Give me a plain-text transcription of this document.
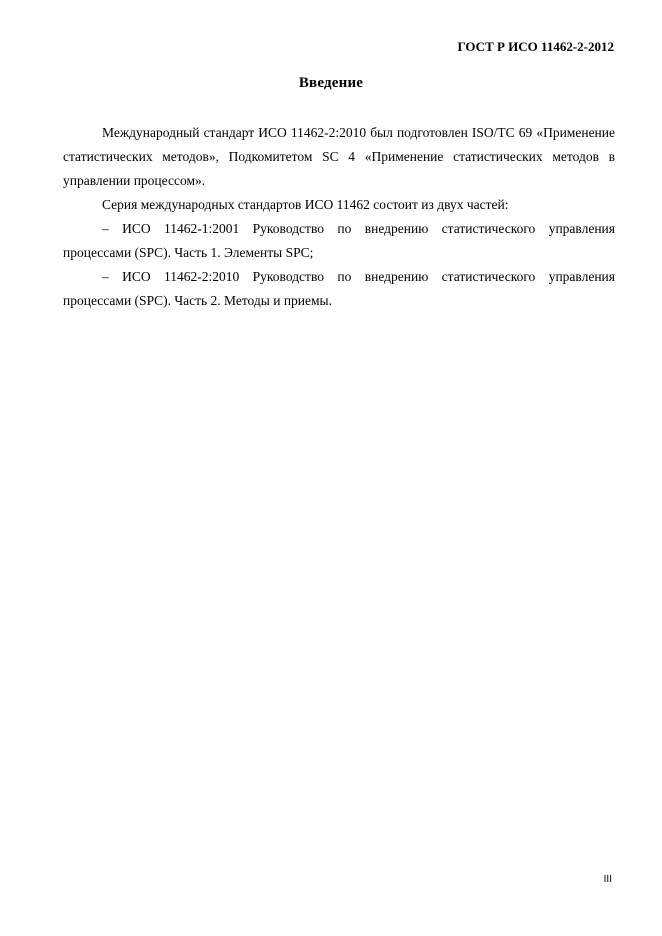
ГОСТ Р ИСО 11462-2-2012
Введение

Международный стандарт ИСО 11462-2:2010 был подготовлен ISO/TC 69 «Применение статистических методов», Подкомитетом SC 4 «Применение статистических методов в управлении процессом».

Серия международных стандартов ИСО 11462 состоит из двух частей:

– ИСО 11462-1:2001 Руководство по внедрению статистического управления процессами (SPC). Часть 1. Элементы SPC;

– ИСО 11462-2:2010 Руководство по внедрению статистического управления процессами (SPC). Часть 2. Методы и приемы.

III
